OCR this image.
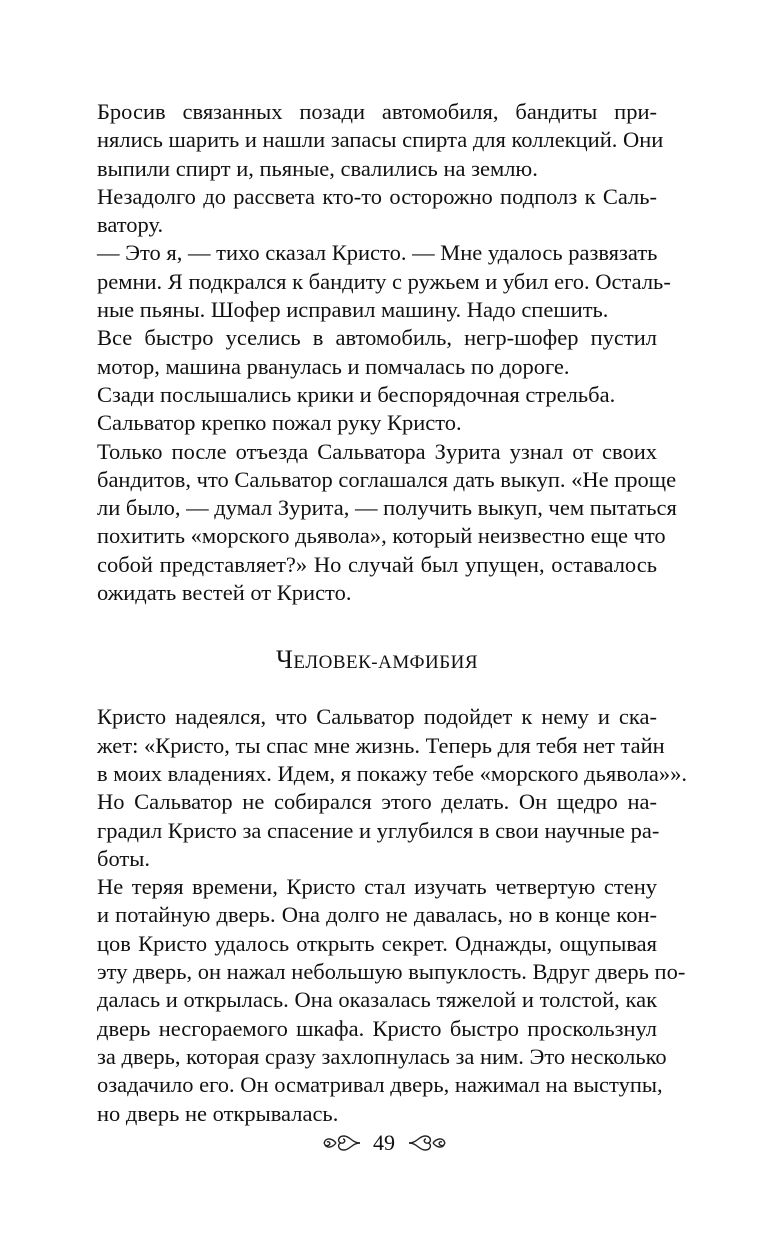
Бросив связанных позади автомобиля, бандиты при-
нялись шарить и нашли запасы спирта для коллекций. Они
выпили спирт и, пьяные, свалились на землю.
Незадолго до рассвета кто-то осторожно подполз к Саль-
ватору.
— Это я, — тихо сказал Кристо. — Мне удалось развязать
ремни. Я подкрался к бандиту с ружьем и убил его. Осталь-
ные пьяны. Шофер исправил машину. Надо спешить.
Все быстро уселись в автомобиль, негр-шофер пустил
мотор, машина рванулась и помчалась по дороге.
Сзади послышались крики и беспорядочная стрельба.
Сальватор крепко пожал руку Кристо.
Только после отъезда Сальватора Зурита узнал от своих
бандитов, что Сальватор соглашался дать выкуп. «Не проще
ли было, — думал Зурита, — получить выкуп, чем пытаться
похитить «морского дьявола», который неизвестно еще что
собой представляет?» Но случай был упущен, оставалось
ожидать вестей от Кристо.
ЧЕЛОВЕК-АМФИБИЯ
Кристо надеялся, что Сальватор подойдет к нему и ска-
жет: «Кристо, ты спас мне жизнь. Теперь для тебя нет тайн
в моих владениях. Идем, я покажу тебе «морского дьявола»».
Но Сальватор не собирался этого делать. Он щедро на-
градил Кристо за спасение и углубился в свои научные ра-
боты.
Не теряя времени, Кристо стал изучать четвертую стену
и потайную дверь. Она долго не давалась, но в конце кон-
цов Кристо удалось открыть секрет. Однажды, ощупывая
эту дверь, он нажал небольшую выпуклость. Вдруг дверь по-
далась и открылась. Она оказалась тяжелой и толстой, как
дверь несгораемого шкафа. Кристо быстро проскользнул
за дверь, которая сразу захлопнулась за ним. Это несколько
озадачило его. Он осматривал дверь, нажимал на выступы,
но дверь не открывалась.
49
